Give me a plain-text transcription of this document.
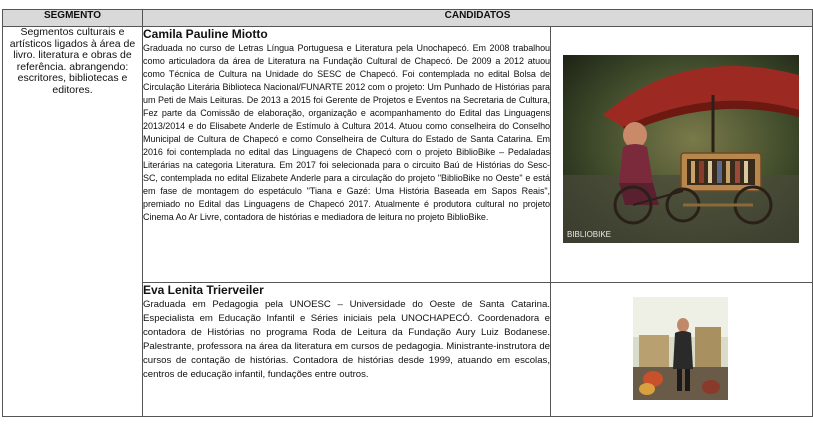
SEGMENTO	CANDIDATOS	
Segmentos culturais e artísticos ligados à área de livro. literatura e obras de referência. abrangendo: escritores, bibliotecas e editores.	Camila Pauline Miotto
Graduada no curso de Letras Língua Portuguesa e Literatura pela Unochapecó. Em 2008 trabalhou como articuladora da área de Literatura na Fundação Cultural de Chapecó. De 2009 a 2012 atuou como Técnica de Cultura na Unidade do SESC de Chapecó. Foi contemplada no edital Bolsa de Circulação Literária Biblioteca Nacional/FUNARTE 2012 com o projeto: Um Punhado de Histórias para um Peti de Mais Leituras. De 2013 a 2015 foi Gerente de Projetos e Eventos na Secretaria de Cultura, Fez parte da Comissão de elaboração, organização e acompanhamento do Edital das Linguagens 2013/2014 e do Elisabete Anderle de Estímulo à Cultura 2014. Atuou como conselheira do Conselho Municipal de Cultura de Chapecó e como Conselheira de Cultura do Estado de Santa Catarina. Em 2016 foi contemplada no edital das Linguagens de Chapecó com o projeto BiblioBike – Pedaladas Literárias na categoria Literatura. Em 2017 foi selecionada para o circuito Baú de Histórias do Sesc-SC, contemplada no edital Elizabete Anderle para a circulação do projeto "BiblioBike no Oeste" e está em fase de montagem do espetáculo "Tiana e Gazé: Uma História Baseada em Sapos Reais", premiado no Edital das Linguagens de Chapecó 2017. Atualmente é produtora cultural no projeto Cinema Ao Ar Livre, contadora de histórias e mediadora de leitura no projeto BiblioBike.	BIBLIOBIKE

	Eva Lenita Trierveiler
Graduada em Pedagogia pela UNOESC – Universidade do Oeste de Santa Catarina. Especialista em Educação Infantil e Séries iniciais pela UNOCHAPECÓ. Coordenadora e contadora de Histórias no programa Roda de Leitura da Fundação Aury Luiz Bodanese. Palestrante, professora na área da literatura em cursos de pedagogia. Ministrante-instrutora de cursos de contação de histórias. Contadora de histórias desde 1999, atuando em escolas, centros de educação infantil, fundações entre outros.
